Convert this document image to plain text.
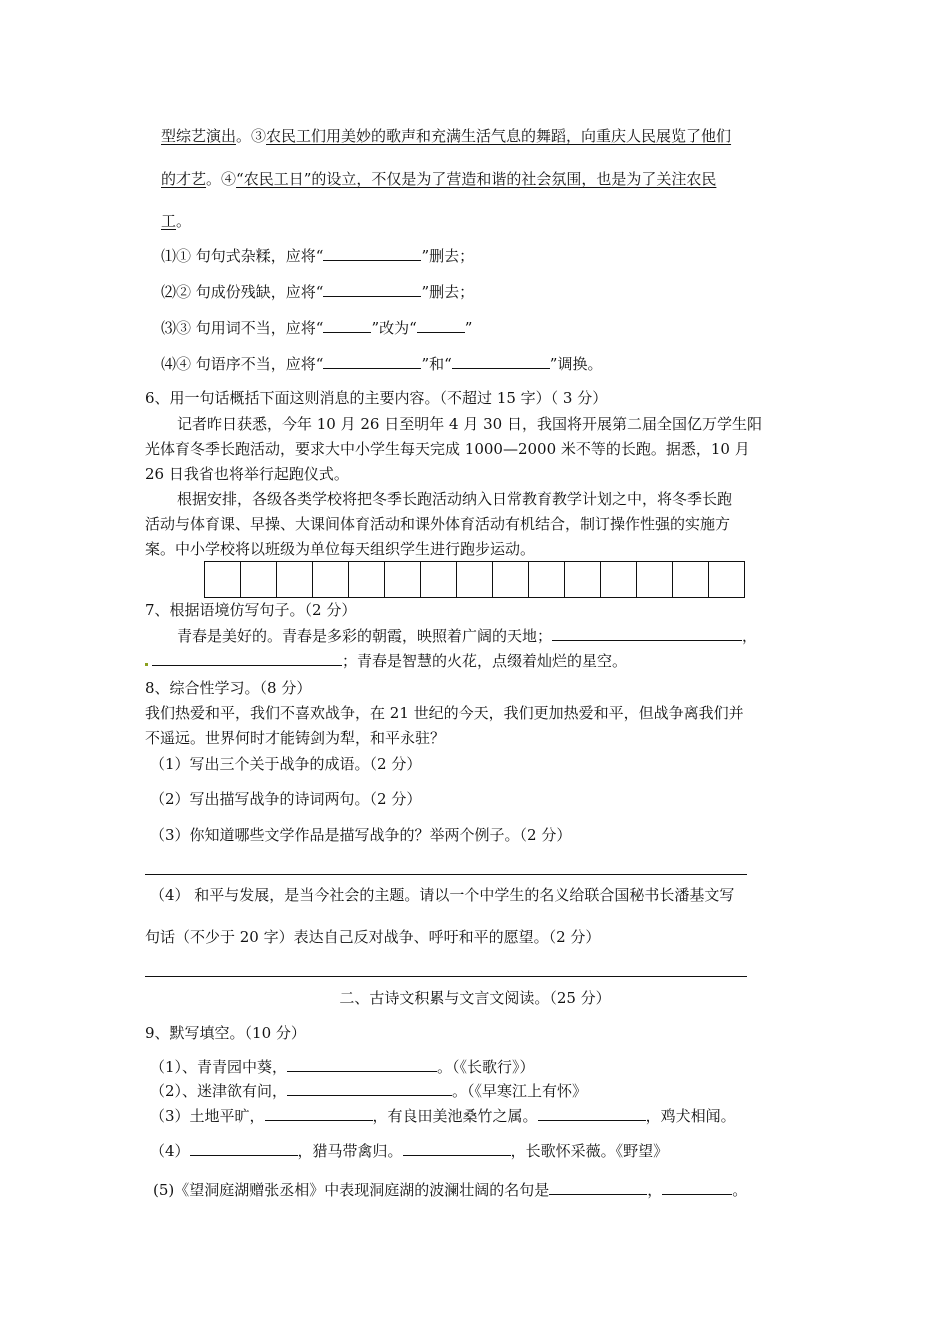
型综艺演出。③农民工们用美妙的歌声和充满生活气息的舞蹈，向重庆人民展览了他们
的才艺。④“农民工日”的设立，不仅是为了营造和谐的社会氛围，也是为了关注农民
工。
⑴① 句句式杂糅，应将“	”删去；
⑵② 句成份残缺，应将“	”删去；
⑶③ 句用词不当，应将“	”改为“	”
⑷④ 句语序不当，应将“	”和“	”调换。
6、用一句话概括下面这则消息的主要内容。（不超过 15 字）（ 3 分）
记者昨日获悉，今年 10 月 26 日至明年 4 月 30 日，我国将开展第二届全国亿万学生阳
光体育冬季长跑活动，要求大中小学生每天完成 1000—2000 米不等的长跑。据悉，10 月
26 日我省也将举行起跑仪式。
根据安排，各级各类学校将把冬季长跑活动纳入日常教育教学计划之中，将冬季长跑
活动与体育课、早操、大课间体育活动和课外体育活动有机结合，制订操作性强的实施方
案。中小学校将以班级为单位每天组织学生进行跑步运动。
7、根据语境仿写句子。（2 分）
青春是美好的。青春是多彩的朝霞，映照着广阔的天地；	，
；青春是智慧的火花，点缀着灿烂的星空。
8、综合性学习。（8 分）
我们热爱和平，我们不喜欢战争，在 21 世纪的今天，我们更加热爱和平，但战争离我们并
不遥远。世界何时才能铸剑为犁，和平永驻？
（1）写出三个关于战争的成语。（2 分）
（2）写出描写战争的诗词两句。（2 分）
（3）你知道哪些文学作品是描写战争的？举两个例子。（2 分）
（4） 和平与发展，是当今社会的主题。请以一个中学生的名义给联合国秘书长潘基文写
句话（不少于 20 字）表达自己反对战争、呼吁和平的愿望。（2 分）
二、古诗文积累与文言文阅读。（25 分）
9、默写填空。（10 分）
（1）、青青园中葵，	。（《长歌行》）
（2）、迷津欲有问，	。（《早寒江上有怀》
（3）土地平旷，	，有良田美池桑竹之属。	，鸡犬相闻。
（4）	，猎马带禽归。	，长歌怀采薇。《野望》
(5)《望洞庭湖赠张丞相》中表现洞庭湖的波澜壮阔的名句是	，	。
